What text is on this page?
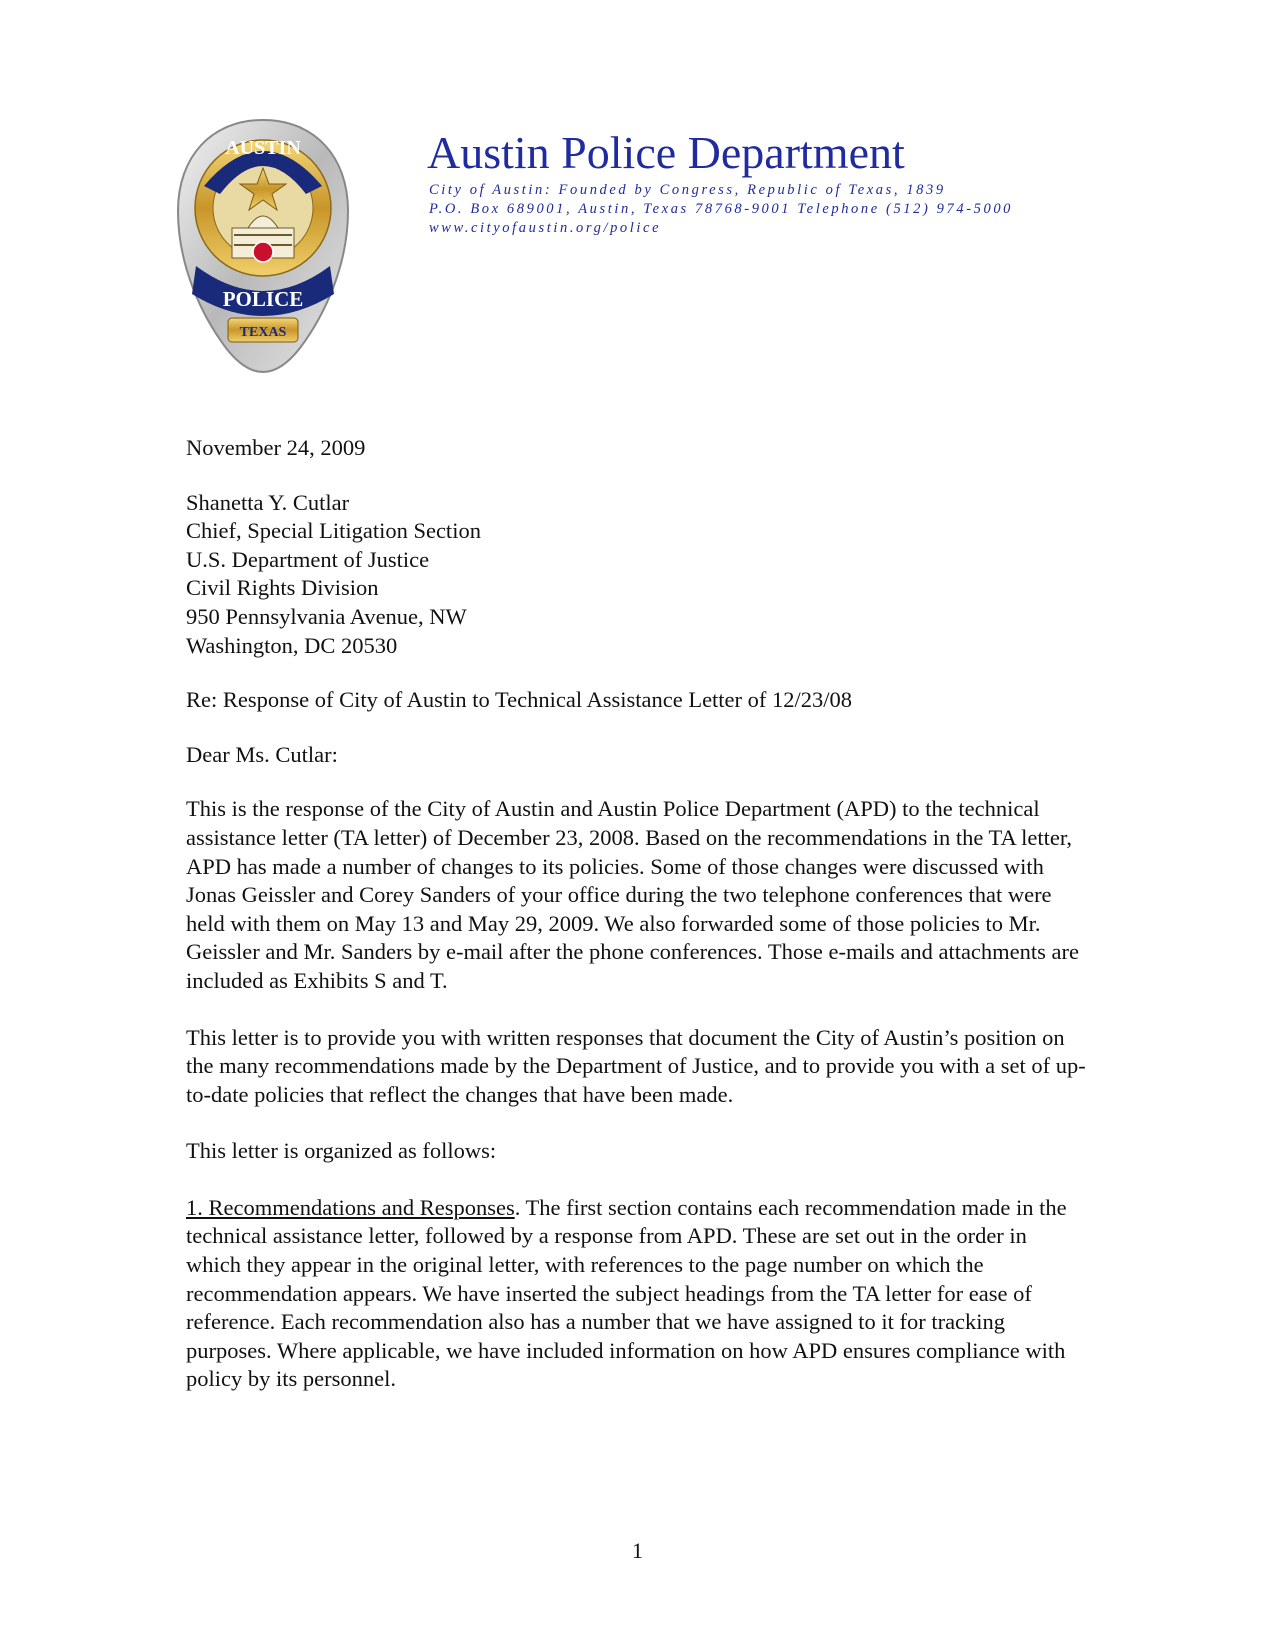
AUSTIN
POLICE
TEXAS
Austin Police Department
City of Austin: Founded by Congress, Republic of Texas, 1839
P.O. Box 689001, Austin, Texas 78768-9001 Telephone (512) 974-5000
www.cityofaustin.org/police

November 24, 2009

Shanetta Y. Cutlar

Chief, Special Litigation Section

U.S. Department of Justice

Civil Rights Division

950 Pennsylvania Avenue, NW

Washington, DC 20530

Re: Response of City of Austin to Technical Assistance Letter of 12/23/08

Dear Ms. Cutlar:

This is the response of the City of Austin and Austin Police Department (APD) to the technical assistance letter (TA letter) of December 23, 2008. Based on the recommendations in the TA letter, APD has made a number of changes to its policies. Some of those changes were discussed with Jonas Geissler and Corey Sanders of your office during the two telephone conferences that were held with them on May 13 and May 29, 2009. We also forwarded some of those policies to Mr. Geissler and Mr. Sanders by e-mail after the phone conferences. Those e-mails and attachments are included as Exhibits S and T.

This letter is to provide you with written responses that document the City of Austin’s position on the many recommendations made by the Department of Justice, and to provide you with a set of up-to-date policies that reflect the changes that have been made.

This letter is organized as follows:

1. Recommendations and Responses. The first section contains each recommendation made in the technical assistance letter, followed by a response from APD. These are set out in the order in which they appear in the original letter, with references to the page number on which the recommendation appears. We have inserted the subject headings from the TA letter for ease of reference. Each recommendation also has a number that we have assigned to it for tracking purposes. Where applicable, we have included information on how APD ensures compliance with policy by its personnel.

1
